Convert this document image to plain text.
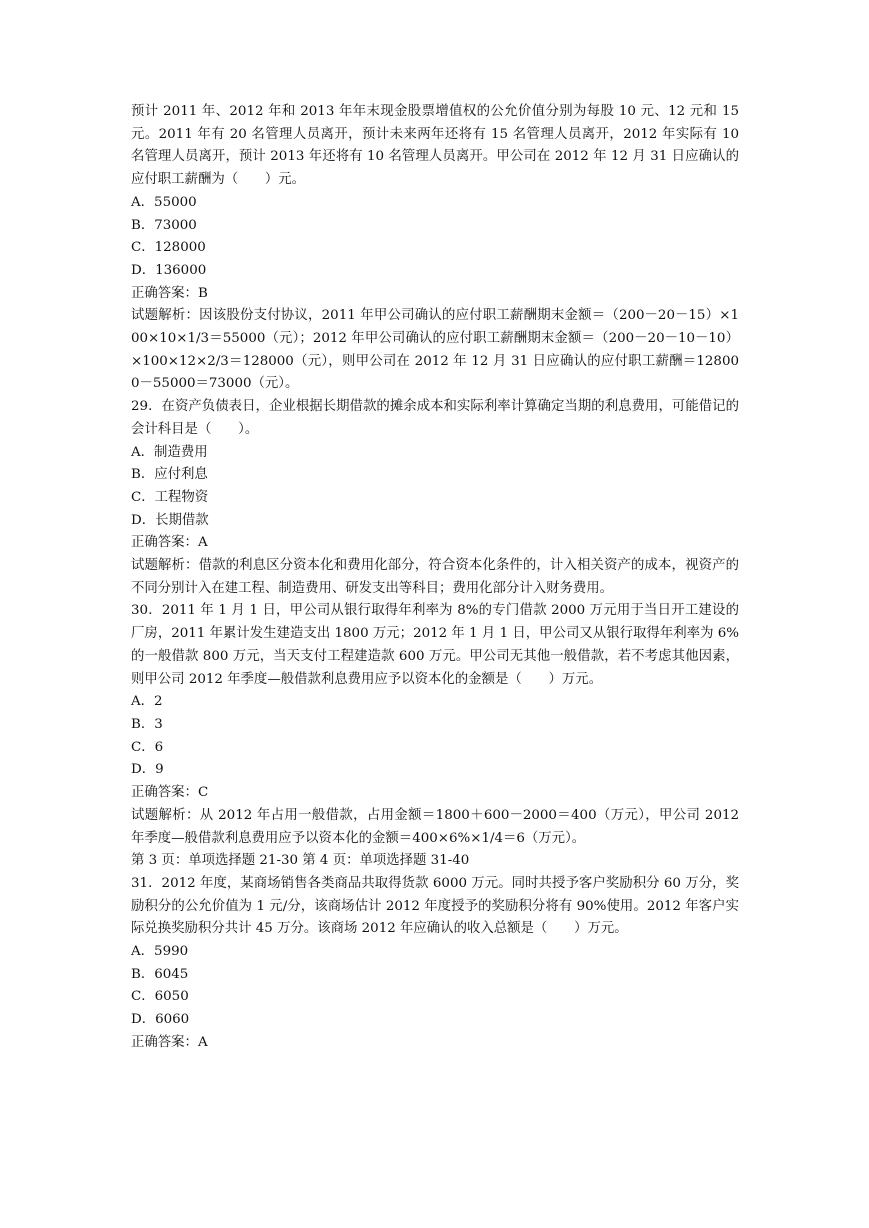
预计 2011 年、2012 年和 2013 年年末现金股票增值权的公允价值分别为每股 10 元、12 元和 15 元。2011 年有 20 名管理人员离开，预计未来两年还将有 15 名管理人员离开，2012 年实际有 10 名管理人员离开，预计 2013 年还将有 10 名管理人员离开。甲公司在 2012 年 12 月 31 日应确认的应付职工薪酬为（　　）元。

A．55000

B．73000

C．128000

D．136000

正确答案：B

试题解析：因该股份支付协议，2011 年甲公司确认的应付职工薪酬期末金额＝（200－20－15）×100×10×1/3＝55000（元）；2012 年甲公司确认的应付职工薪酬期末金额＝（200－20－10－10）×100×12×2/3＝128000（元），则甲公司在 2012 年 12 月 31 日应确认的应付职工薪酬＝128000－55000＝73000（元）。

29．在资产负债表日，企业根据长期借款的摊余成本和实际利率计算确定当期的利息费用，可能借记的会计科目是（　　）。

A．制造费用

B．应付利息

C．工程物资

D．长期借款

正确答案：A

试题解析：借款的利息区分资本化和费用化部分，符合资本化条件的，计入相关资产的成本，视资产的不同分别计入在建工程、制造费用、研发支出等科目；费用化部分计入财务费用。

30．2011 年 1 月 1 日，甲公司从银行取得年利率为 8%的专门借款 2000 万元用于当日开工建设的厂房，2011 年累计发生建造支出 1800 万元；2012 年 1 月 1 日，甲公司又从银行取得年利率为 6%的一般借款 800 万元，当天支付工程建造款 600 万元。甲公司无其他一般借款，若不考虑其他因素，则甲公司 2012 年季度—般借款利息费用应予以资本化的金额是（　　）万元。

A．2

B．3

C．6

D．9

正确答案：C

试题解析：从 2012 年占用一般借款，占用金额＝1800＋600－2000＝400（万元），甲公司 2012 年季度—般借款利息费用应予以资本化的金额＝400×6%×1/4＝6（万元）。

第 3 页：单项选择题 21-30 第 4 页：单项选择题 31-40

31．2012 年度，某商场销售各类商品共取得货款 6000 万元。同时共授予客户奖励积分 60 万分，奖励积分的公允价值为 1 元/分，该商场估计 2012 年度授予的奖励积分将有 90%使用。2012 年客户实际兑换奖励积分共计 45 万分。该商场 2012 年应确认的收入总额是（　　）万元。

A．5990

B．6045

C．6050

D．6060

正确答案：A
